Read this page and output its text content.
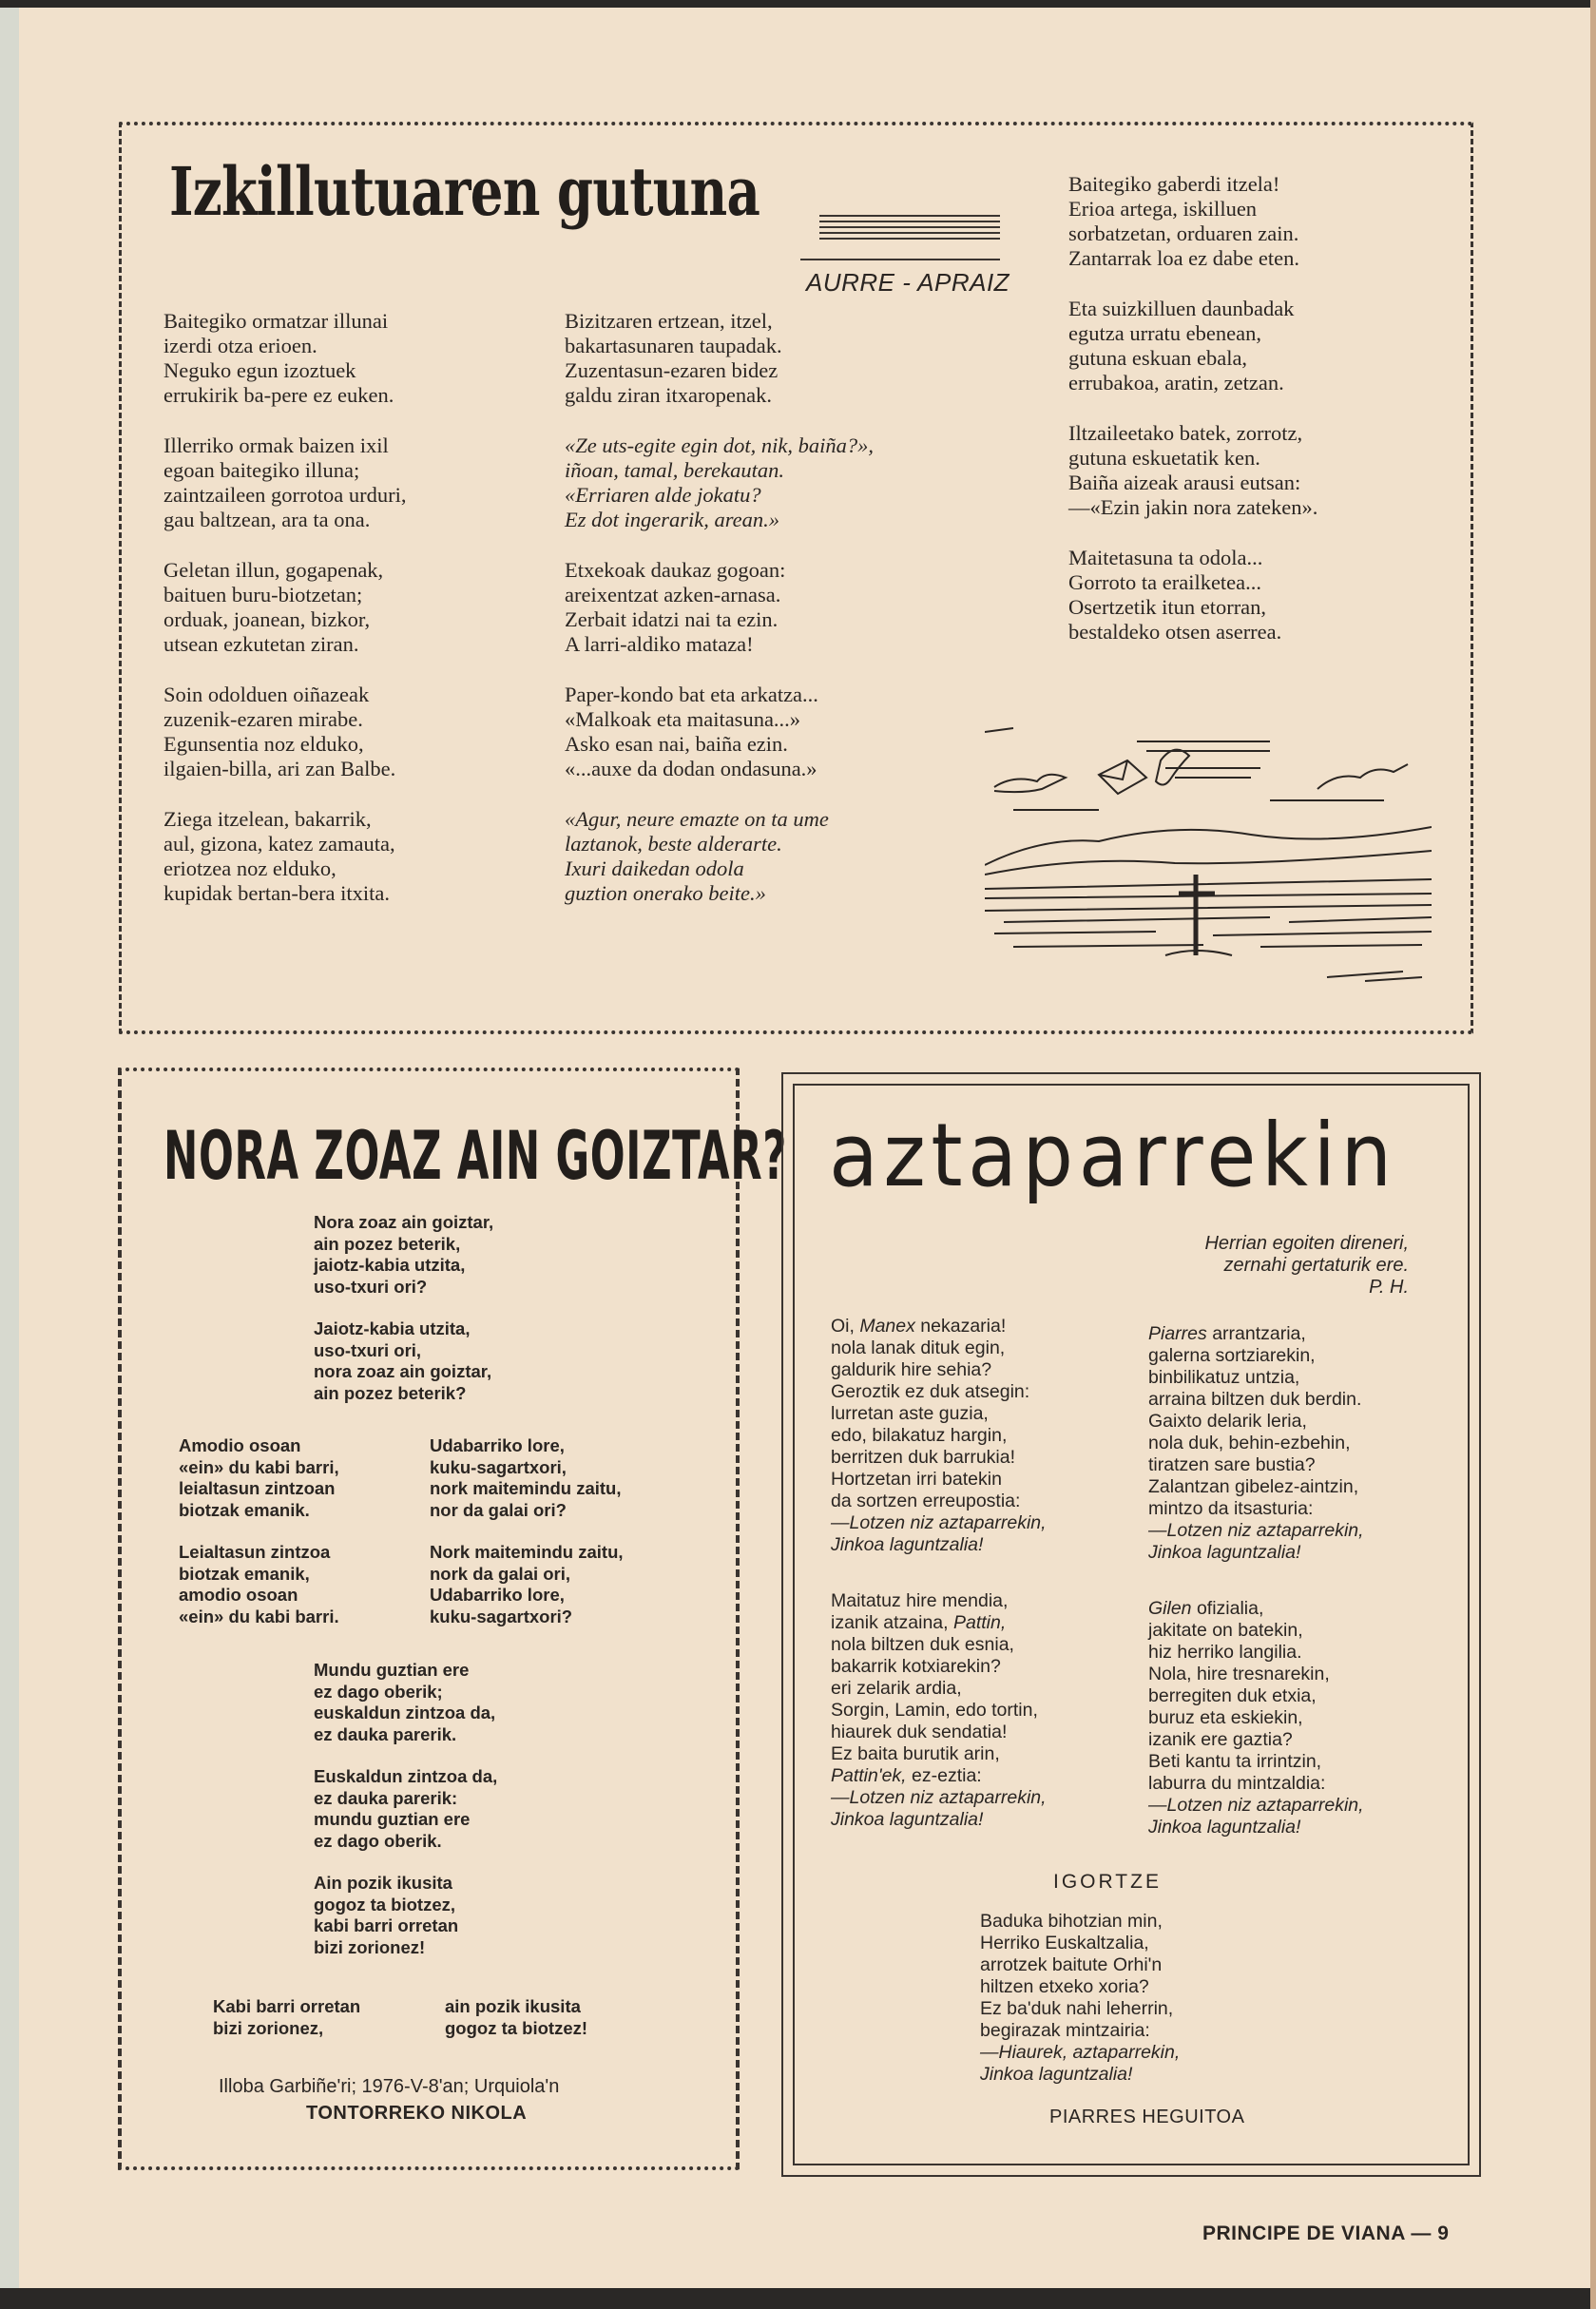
Izkillutuaren gutuna
AURRE - APRAIZ

Baitegiko ormatzar illunai
izerdi otza erioen.
Neguko egun izoztuek
errukirik ba-pere ez euken.

Illerriko ormak baizen ixil
egoan baitegiko illuna;
zaintzaileen gorrotoa urduri,
gau baltzean, ara ta ona.

Geletan illun, gogapenak,
baituen buru-biotzetan;
orduak, joanean, bizkor,
utsean ezkutetan ziran.

Soin odolduen oiñazeak
zuzenik-ezaren mirabe.
Egunsentia noz elduko,
ilgaien-billa, ari zan Balbe.

Ziega itzelean, bakarrik,
aul, gizona, katez zamauta,
eriotzea noz elduko,
kupidak bertan-bera itxita.

Bizitzaren ertzean, itzel,
bakartasunaren taupadak.
Zuzentasun-ezaren bidez
galdu ziran itxaropenak.

«Ze uts-egite egin dot, nik, baiña?»,
iñoan, tamal, berekautan.
«Erriaren alde jokatu?
Ez dot ingerarik, arean.»

Etxekoak daukaz gogoan:
areixentzat azken-arnasa.
Zerbait idatzi nai ta ezin.
A larri-aldiko mataza!

Paper-kondo bat eta arkatza...
«Malkoak eta maitasuna...»
Asko esan nai, baiña ezin.
«...auxe da dodan ondasuna.»

«Agur, neure emazte on ta ume
laztanok, beste alderarte.
Ixuri daikedan odola
guztion onerako beite.»

Baitegiko gaberdi itzela!
Erioa artega, iskilluen
sorbatzetan, orduaren zain.
Zantarrak loa ez dabe eten.

Eta suizkilluen daunbadak
egutza urratu ebenean,
gutuna eskuan ebala,
errubakoa, aratin, zetzan.

Iltzaileetako batek, zorrotz,
gutuna eskuetatik ken.
Baiña aizeak arausi eutsan:
—«Ezin jakin nora zateken».

Maitetasuna ta odola...
Gorroto ta erailketea...
Osertzetik itun etorran,
bestaldeko otsen aserrea.

NORA ZOAZ AIN GOIZTAR?

Nora zoaz ain goiztar,
ain pozez beterik,
jaiotz-kabia utzita,
uso-txuri ori?

Jaiotz-kabia utzita,
uso-txuri ori,
nora zoaz ain goiztar,
ain pozez beterik?

Amodio osoan
«ein» du kabi barri,
leialtasun zintzoan
biotzak emanik.

Leialtasun zintzoa
biotzak emanik,
amodio osoan
«ein» du kabi barri.

Udabarriko lore,
kuku-sagartxori,
nork maitemindu zaitu,
nor da galai ori?

Nork maitemindu zaitu,
nork da galai ori,
Udabarriko lore,
kuku-sagartxori?

Mundu guztian ere
ez dago oberik;
euskaldun zintzoa da,
ez dauka parerik.

Euskaldun zintzoa da,
ez dauka parerik:
mundu guztian ere
ez dago oberik.

Ain pozik ikusita
gogoz ta biotzez,
kabi barri orretan
bizi zorionez!

Kabi barri orretan
bizi zorionez,

ain pozik ikusita
gogoz ta biotzez!

Illoba Garbiñe'ri; 1976-V-8'an; Urquiola'n
TONTORREKO NIKOLA
aztaparrekin
Herrian egoiten direneri,
zernahi gertaturik ere.
P. H.

Oi, Manex nekazaria!
nola lanak dituk egin,
galdurik hire sehia?
Geroztik ez duk atsegin:
lurretan aste guzia,
edo, bilakatuz hargin,
berritzen duk barrukia!
Hortzetan irri batekin
da sortzen erreupostia:
—Lotzen niz aztaparrekin,
Jinkoa laguntzalia!

Maitatuz hire mendia,
izanik atzaina, Pattin,
nola biltzen duk esnia,
bakarrik kotxiarekin?
eri zelarik ardia,
Sorgin, Lamin, edo tortin,
hiaurek duk sendatia!
Ez baita burutik arin,
Pattin'ek, ez-eztia:
—Lotzen niz aztaparrekin,
Jinkoa laguntzalia!

Piarres arrantzaria,
galerna sortziarekin,
binbilikatuz untzia,
arraina biltzen duk berdin.
Gaixto delarik leria,
nola duk, behin-ezbehin,
tiratzen sare bustia?
Zalantzan gibelez-aintzin,
mintzo da itsasturia:
—Lotzen niz aztaparrekin,
Jinkoa laguntzalia!

Gilen ofizialia,
jakitate on batekin,
hiz herriko langilia.
Nola, hire tresnarekin,
berregiten duk etxia,
buruz eta eskiekin,
izanik ere gaztia?
Beti kantu ta irrintzin,
laburra du mintzaldia:
—Lotzen niz aztaparrekin,
Jinkoa laguntzalia!

IGORTZE

Baduka bihotzian min,
Herriko Euskaltzalia,
arrotzek baitute Orhi'n
hiltzen etxeko xoria?
Ez ba'duk nahi leherrin,
begirazak mintzairia:
—Hiaurek, aztaparrekin,
Jinkoa laguntzalia!

PIARRES HEGUITOA
PRINCIPE DE VIANA — 9
